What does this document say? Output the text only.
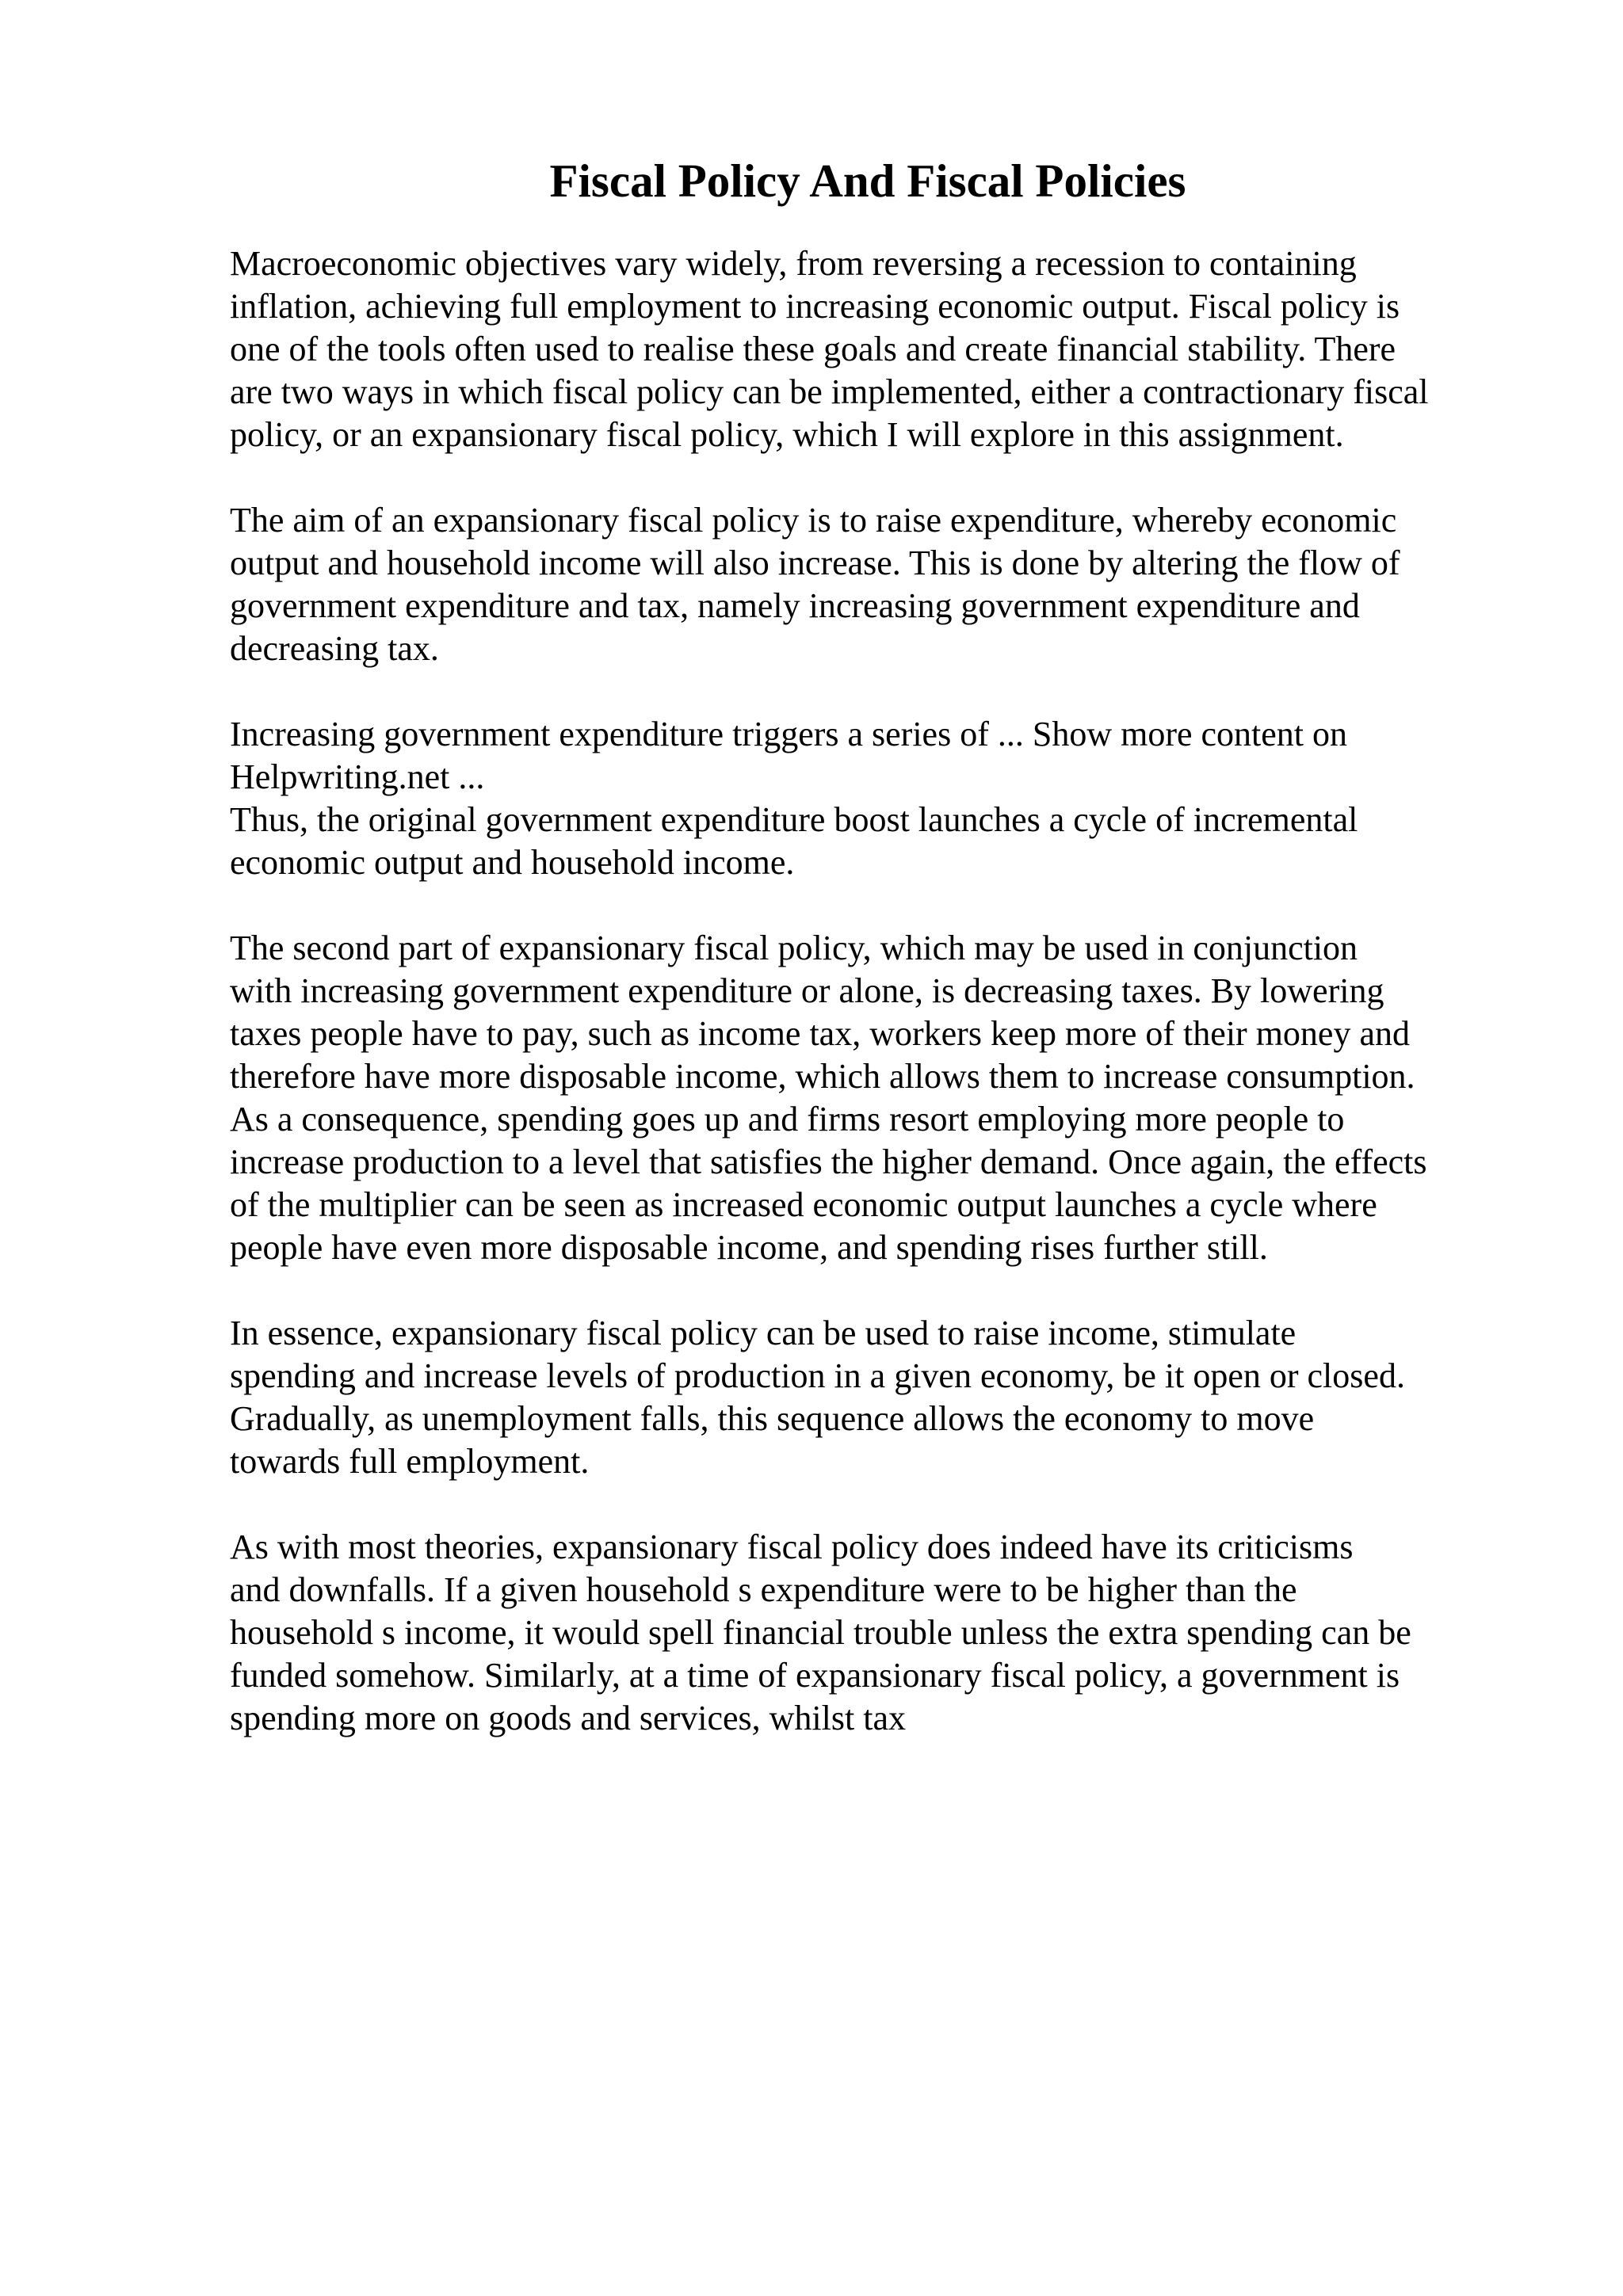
Fiscal Policy And Fiscal Policies

Macroeconomic objectives vary widely, from reversing a recession to containing
inflation, achieving full employment to increasing economic output. Fiscal policy is
one of the tools often used to realise these goals and create financial stability. There
are two ways in which fiscal policy can be implemented, either a contractionary fiscal
policy, or an expansionary fiscal policy, which I will explore in this assignment.

The aim of an expansionary fiscal policy is to raise expenditure, whereby economic
output and household income will also increase. This is done by altering the flow of
government expenditure and tax, namely increasing government expenditure and
decreasing tax.

Increasing government expenditure triggers a series of ... Show more content on
Helpwriting.net ...

Thus, the original government expenditure boost launches a cycle of incremental
economic output and household income.

The second part of expansionary fiscal policy, which may be used in conjunction
with increasing government expenditure or alone, is decreasing taxes. By lowering
taxes people have to pay, such as income tax, workers keep more of their money and
therefore have more disposable income, which allows them to increase consumption.
As a consequence, spending goes up and firms resort employing more people to
increase production to a level that satisfies the higher demand. Once again, the effects
of the multiplier can be seen as increased economic output launches a cycle where
people have even more disposable income, and spending rises further still.

In essence, expansionary fiscal policy can be used to raise income, stimulate
spending and increase levels of production in a given economy, be it open or closed.
Gradually, as unemployment falls, this sequence allows the economy to move
towards full employment.

As with most theories, expansionary fiscal policy does indeed have its criticisms
and downfalls. If a given household s expenditure were to be higher than the
household s income, it would spell financial trouble unless the extra spending can be
funded somehow. Similarly, at a time of expansionary fiscal policy, a government is
spending more on goods and services, whilst tax
